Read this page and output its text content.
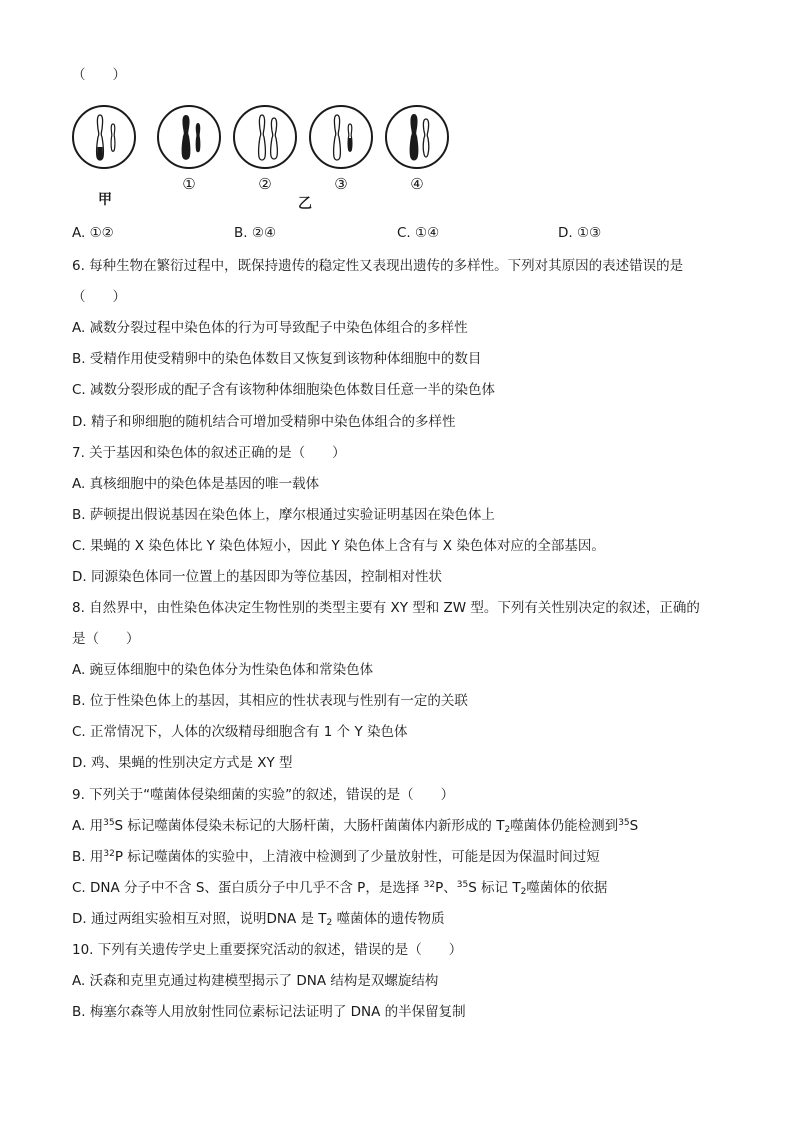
（　　）
甲
①	②	③	④
乙
A. ①②	B. ②④	C. ①④	D. ①③
6. 每种生物在繁衍过程中，既保持遗传的稳定性又表现出遗传的多样性。下列对其原因的表述错误的是
（　　）
A. 减数分裂过程中染色体的行为可导致配子中染色体组合的多样性
B. 受精作用使受精卵中的染色体数目又恢复到该物种体细胞中的数目
C. 减数分裂形成的配子含有该物种体细胞染色体数目任意一半的染色体
D. 精子和卵细胞的随机结合可增加受精卵中染色体组合的多样性
7. 关于基因和染色体的叙述正确的是（　　）
A. 真核细胞中的染色体是基因的唯一载体
B. 萨顿提出假说基因在染色体上，摩尔根通过实验证明基因在染色体上
C. 果蝇的 X 染色体比 Y 染色体短小，因此 Y 染色体上含有与 X 染色体对应的全部基因。
D. 同源染色体同一位置上的基因即为等位基因，控制相对性状
8. 自然界中，由性染色体决定生物性别的类型主要有 XY 型和 ZW 型。下列有关性别决定的叙述，正确的
是（　　）
A. 豌豆体细胞中的染色体分为性染色体和常染色体
B. 位于性染色体上的基因，其相应的性状表现与性别有一定的关联
C. 正常情况下，人体的次级精母细胞含有 1 个 Y 染色体
D. 鸡、果蝇的性别决定方式是 XY 型
9. 下列关于“噬菌体侵染细菌的实验”的叙述，错误的是（　　）
A. 用$^{35}$S 标记噬菌体侵染未标记的大肠杆菌，大肠杆菌菌体内新形成的 $T_2$噬菌体仍能检测到$^{35}$S
B. 用$^{32}$P 标记噬菌体的实验中，上清液中检测到了少量放射性，可能是因为保温时间过短
C. DNA 分子中不含 S、蛋白质分子中几乎不含 P，是选择 $^{32}$P、$^{35}$S 标记 $T_2$噬菌体的依据
D. 通过两组实验相互对照，说明DNA 是 $T_2$ 噬菌体的遗传物质
10. 下列有关遗传学史上重要探究活动的叙述，错误的是（　　）
A. 沃森和克里克通过构建模型揭示了 DNA 结构是双螺旋结构
B. 梅塞尔森等人用放射性同位素标记法证明了 DNA 的半保留复制
